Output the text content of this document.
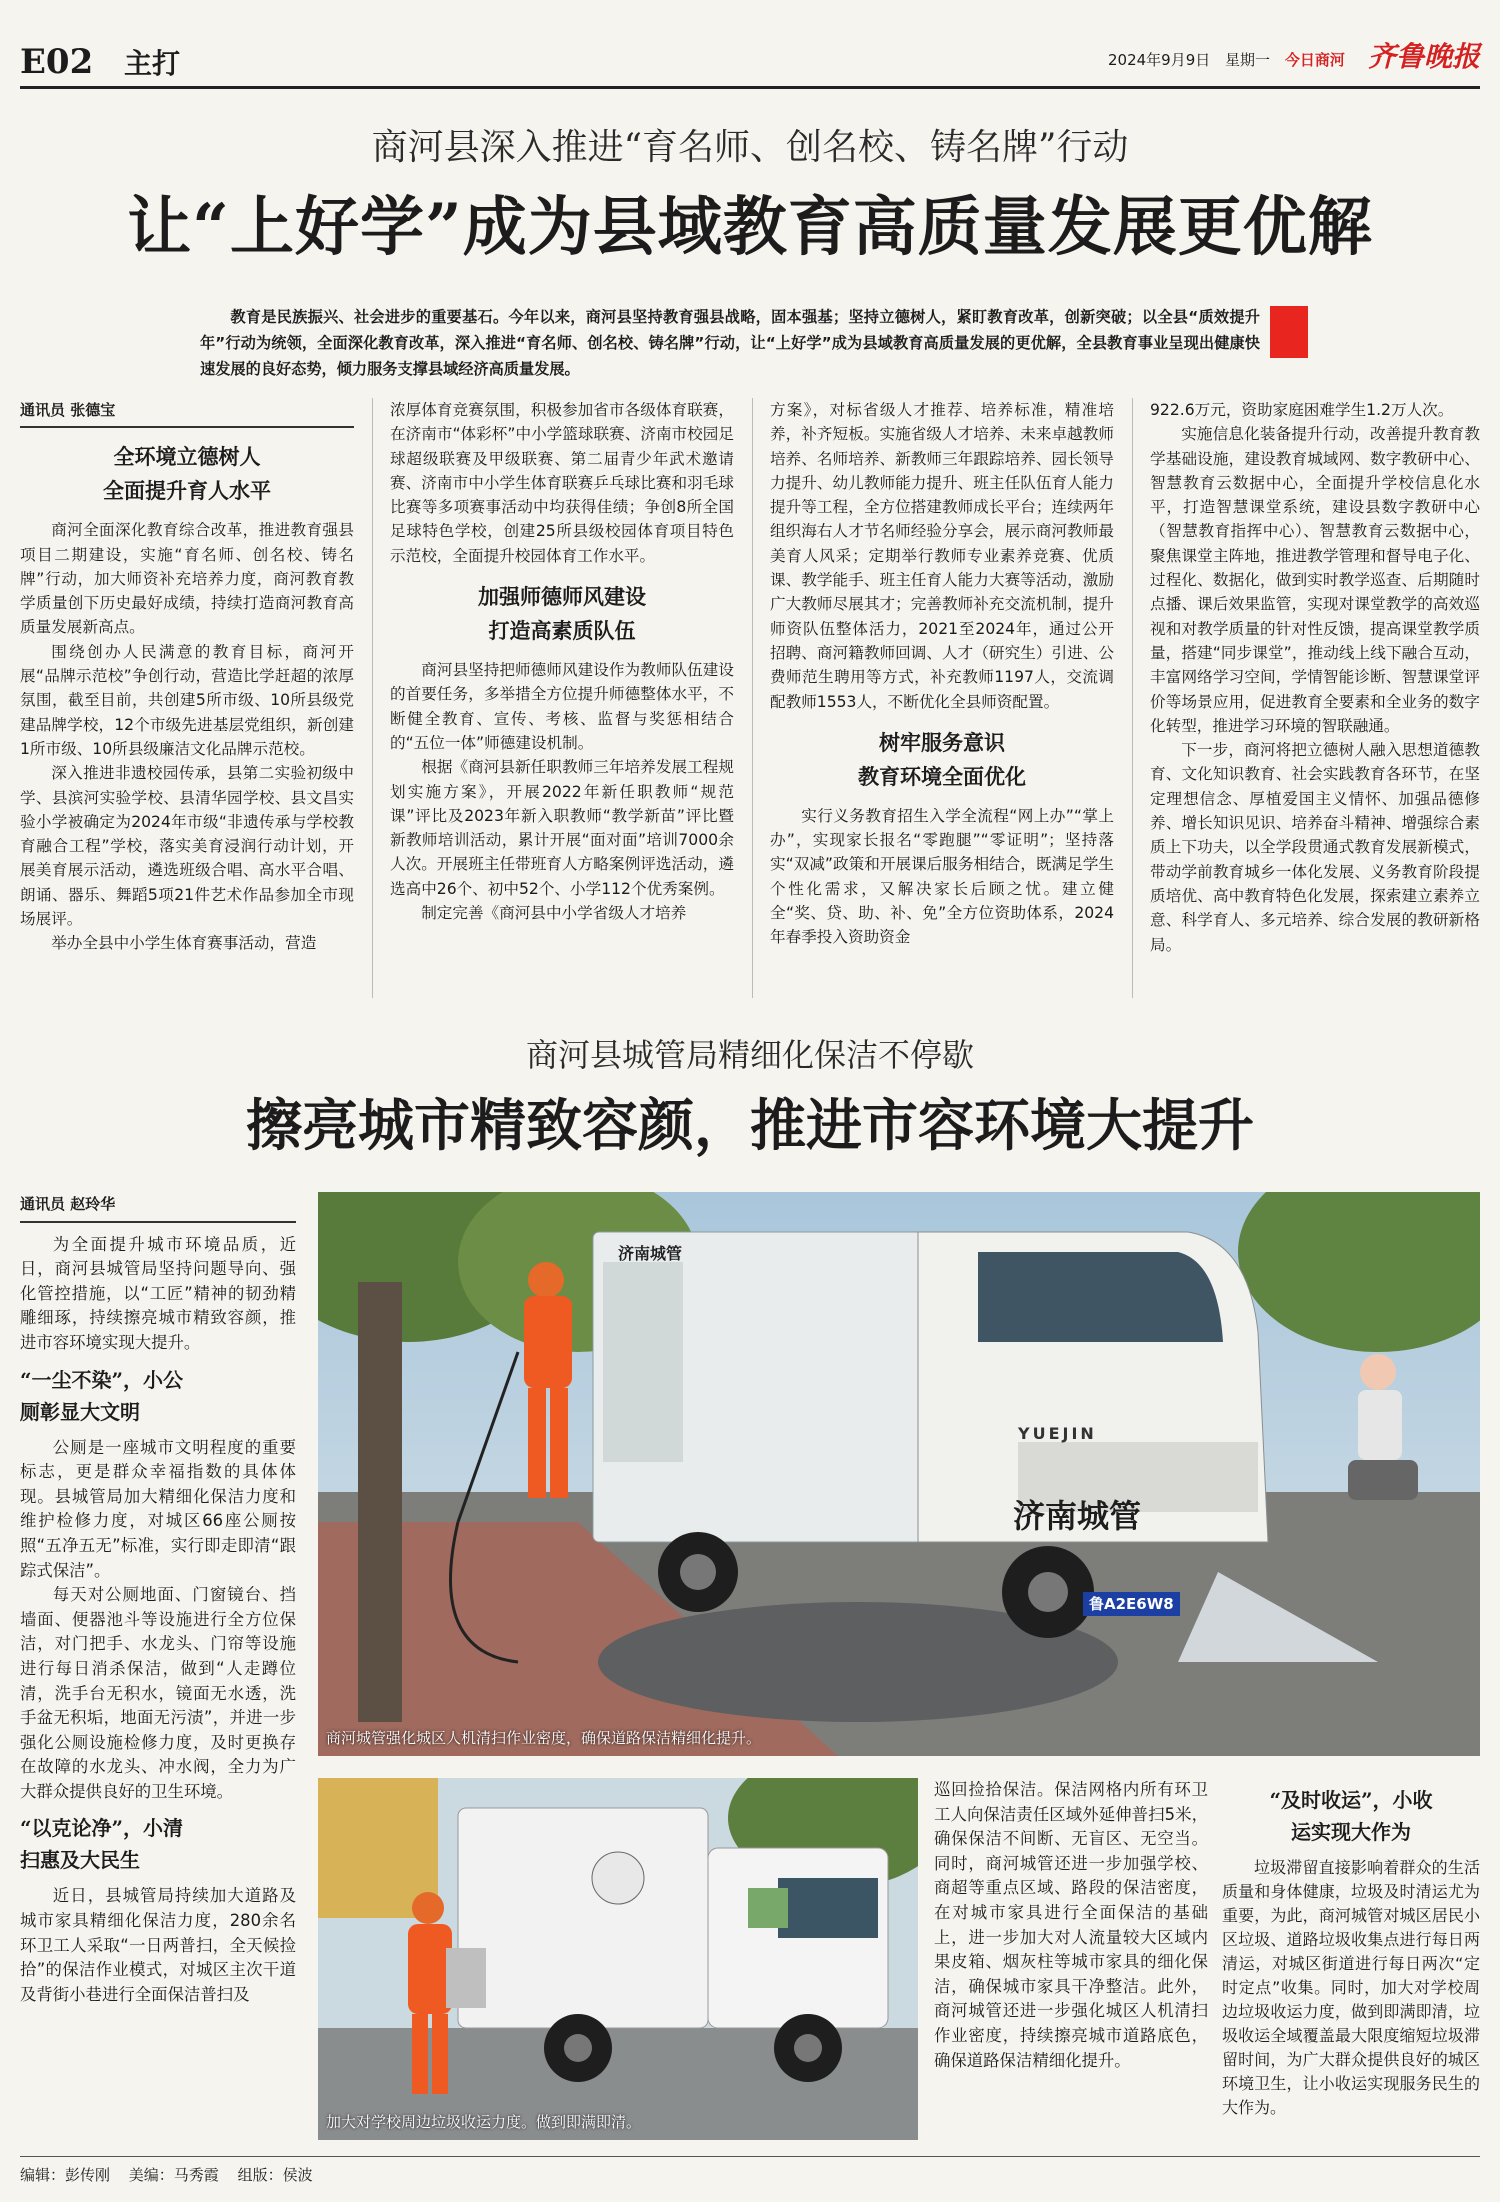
E02 主打	2024年9月9日 星期一 今日商河 齐鲁晚报
商河县深入推进“育名师、创名校、铸名牌”行动
让“上好学”成为县域教育高质量发展更优解
教育是民族振兴、社会进步的重要基石。今年以来，商河县坚持教育强县战略，固本强基；坚持立德树人，紧盯教育改革，创新突破；以全县“质效提升年”行动为统领，全面深化教育改革，深入推进“育名师、创名校、铸名牌”行动，让“上好学”成为县域教育高质量发展的更优解，全县教育事业呈现出健康快速发展的良好态势，倾力服务支撑县域经济高质量发展。
通讯员 张德宝
全环境立德树人
全面提升育人水平

商河全面深化教育综合改革，推进教育强县项目二期建设，实施“育名师、创名校、铸名牌”行动，加大师资补充培养力度，商河教育教学质量创下历史最好成绩，持续打造商河教育高质量发展新高点。

围绕创办人民满意的教育目标，商河开展“品牌示范校”争创行动，营造比学赶超的浓厚氛围，截至目前，共创建5所市级、10所县级党建品牌学校，12个市级先进基层党组织，新创建1所市级、10所县级廉洁文化品牌示范校。

深入推进非遗校园传承，县第二实验初级中学、县滨河实验学校、县清华园学校、县文昌实验小学被确定为2024年市级“非遗传承与学校教育融合工程”学校，落实美育浸润行动计划，开展美育展示活动，遴选班级合唱、高水平合唱、朗诵、器乐、舞蹈5项21件艺术作品参加全市现场展评。

举办全县中小学生体育赛事活动，营造

浓厚体育竞赛氛围，积极参加省市各级体育联赛，在济南市“体彩杯”中小学篮球联赛、济南市校园足球超级联赛及甲级联赛、第二届青少年武术邀请赛、济南市中小学生体育联赛乒乓球比赛和羽毛球比赛等多项赛事活动中均获得佳绩；争创8所全国足球特色学校，创建25所县级校园体育项目特色示范校，全面提升校园体育工作水平。

加强师德师风建设
打造高素质队伍

商河县坚持把师德师风建设作为教师队伍建设的首要任务，多举措全方位提升师德整体水平，不断健全教育、宣传、考核、监督与奖惩相结合的“五位一体”师德建设机制。

根据《商河县新任职教师三年培养发展工程规划实施方案》，开展2022年新任职教师“规范课”评比及2023年新入职教师“教学新苗”评比暨新教师培训活动，累计开展“面对面”培训7000余人次。开展班主任带班育人方略案例评选活动，遴选高中26个、初中52个、小学112个优秀案例。

制定完善《商河县中小学省级人才培养

方案》，对标省级人才推荐、培养标准，精准培养，补齐短板。实施省级人才培养、未来卓越教师培养、名师培养、新教师三年跟踪培养、园长领导力提升、幼儿教师能力提升、班主任队伍育人能力提升等工程，全方位搭建教师成长平台；连续两年组织海右人才节名师经验分享会，展示商河教师最美育人风采；定期举行教师专业素养竞赛、优质课、教学能手、班主任育人能力大赛等活动，激励广大教师尽展其才；完善教师补充交流机制，提升师资队伍整体活力，2021至2024年，通过公开招聘、商河籍教师回调、人才（研究生）引进、公费师范生聘用等方式，补充教师1197人，交流调配教师1553人，不断优化全县师资配置。

树牢服务意识
教育环境全面优化

实行义务教育招生入学全流程“网上办”“掌上办”，实现家长报名“零跑腿”“零证明”；坚持落实“双减”政策和开展课后服务相结合，既满足学生个性化需求，又解决家长后顾之忧。建立健全“奖、贷、助、补、免”全方位资助体系，2024年春季投入资助资金

922.6万元，资助家庭困难学生1.2万人次。

实施信息化装备提升行动，改善提升教育教学基础设施，建设教育城域网、数字教研中心、智慧教育云数据中心，全面提升学校信息化水平，打造智慧课堂系统，建设县数字教研中心（智慧教育指挥中心）、智慧教育云数据中心，聚焦课堂主阵地，推进教学管理和督导电子化、过程化、数据化，做到实时教学巡查、后期随时点播、课后效果监管，实现对课堂教学的高效巡视和对教学质量的针对性反馈，提高课堂教学质量，搭建“同步课堂”，推动线上线下融合互动，丰富网络学习空间，学情智能诊断、智慧课堂评价等场景应用，促进教育全要素和全业务的数字化转型，推进学习环境的智联融通。

下一步，商河将把立德树人融入思想道德教育、文化知识教育、社会实践教育各环节，在坚定理想信念、厚植爱国主义情怀、加强品德修养、增长知识见识、培养奋斗精神、增强综合素质上下功夫，以全学段贯通式教育发展新模式，带动学前教育城乡一体化发展、义务教育阶段提质培优、高中教育特色化发展，探索建立素养立意、科学育人、多元培养、综合发展的教研新格局。

商河县城管局精细化保洁不停歇
擦亮城市精致容颜，推进市容环境大提升
通讯员 赵玲华

为全面提升城市环境品质，近日，商河县城管局坚持问题导向、强化管控措施，以“工匠”精神的韧劲精雕细琢，持续擦亮城市精致容颜，推进市容环境实现大提升。

“一尘不染”，小公
厕彰显大文明

公厕是一座城市文明程度的重要标志，更是群众幸福指数的具体体现。县城管局加大精细化保洁力度和维护检修力度，对城区66座公厕按照“五净五无”标准，实行即走即清“跟踪式保洁”。

每天对公厕地面、门窗镜台、挡墙面、便器池斗等设施进行全方位保洁，对门把手、水龙头、门帘等设施进行每日消杀保洁，做到“人走蹲位清，洗手台无积水，镜面无水透，洗手盆无积垢，地面无污渍”，并进一步强化公厕设施检修力度，及时更换存在故障的水龙头、冲水阀，全力为广大群众提供良好的卫生环境。

“以克论净”，小清
扫惠及大民生

近日，县城管局持续加大道路及城市家具精细化保洁力度，280余名环卫工人采取“一日两普扫，全天候捡拾”的保洁作业模式，对城区主次干道及背街小巷进行全面保洁普扫及

济南城管
济南城管
YUEJIN
鲁A2E6W8
商河城管强化城区人机清扫作业密度，确保道路保洁精细化提升。
加大对学校周边垃圾收运力度。做到即满即清。

巡回捡拾保洁。保洁网格内所有环卫工人向保洁责任区域外延伸普扫5米，确保保洁不间断、无盲区、无空当。同时，商河城管还进一步加强学校、商超等重点区域、路段的保洁密度，在对城市家具进行全面保洁的基础上，进一步加大对人流量较大区域内果皮箱、烟灰柱等城市家具的细化保洁，确保城市家具干净整洁。此外，商河城管还进一步强化城区人机清扫作业密度，持续擦亮城市道路底色，确保道路保洁精细化提升。

“及时收运”，小收
运实现大作为

垃圾滞留直接影响着群众的生活质量和身体健康，垃圾及时清运尤为重要，为此，商河城管对城区居民小区垃圾、道路垃圾收集点进行每日两清运，对城区街道进行每日两次“定时定点”收集。同时，加大对学校周边垃圾收运力度，做到即满即清，垃圾收运全域覆盖最大限度缩短垃圾滞留时间，为广大群众提供良好的城区环境卫生，让小收运实现服务民生的大作为。

编辑：彭传刚 美编：马秀霞 组版：侯波
